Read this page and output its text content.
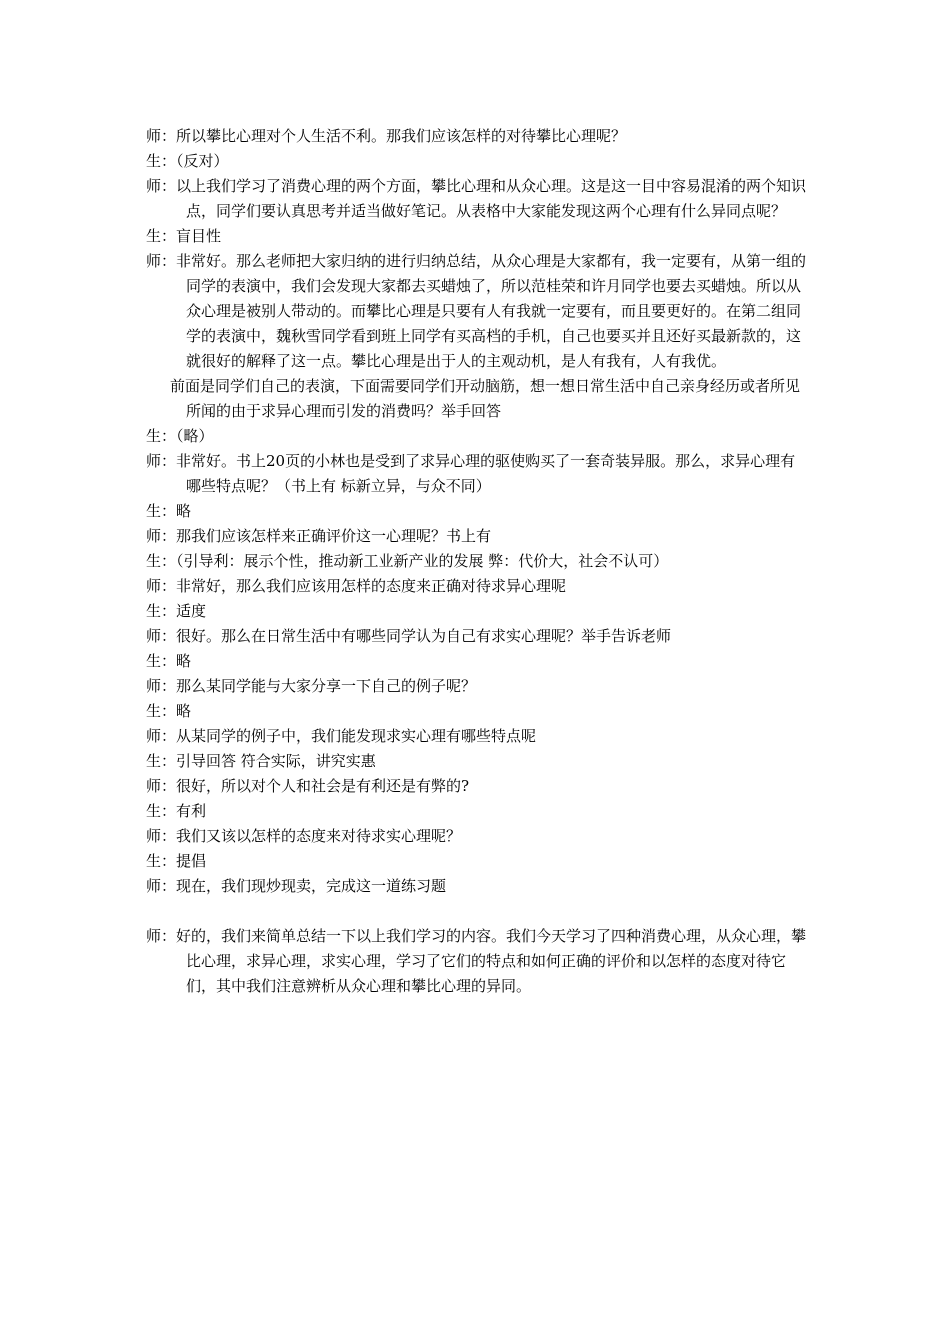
师：所以攀比心理对个人生活不利。那我们应该怎样的对待攀比心理呢？

生：（反对）

师：以上我们学习了消费心理的两个方面，攀比心理和从众心理。这是这一目中容易混淆的两个知识点，同学们要认真思考并适当做好笔记。从表格中大家能发现这两个心理有什么异同点呢？

生：盲目性

师：非常好。那么老师把大家归纳的进行归纳总结，从众心理是大家都有，我一定要有，从第一组的同学的表演中，我们会发现大家都去买蜡烛了，所以范桂荣和许月同学也要去买蜡烛。所以从众心理是被别人带动的。而攀比心理是只要有人有我就一定要有，而且要更好的。在第二组同学的表演中，魏秋雪同学看到班上同学有买高档的手机，自己也要买并且还好买最新款的，这就很好的解释了这一点。攀比心理是出于人的主观动机，是人有我有，人有我优。

前面是同学们自己的表演，下面需要同学们开动脑筋，想一想日常生活中自己亲身经历或者所见所闻的由于求异心理而引发的消费吗？举手回答

生：（略）

师：非常好。书上20页的小林也是受到了求异心理的驱使购买了一套奇装异服。那么，求异心理有哪些特点呢？（书上有 标新立异，与众不同）

生：略

师：那我们应该怎样来正确评价这一心理呢？书上有

生：（引导利：展示个性，推动新工业新产业的发展 弊：代价大，社会不认可）

师：非常好，那么我们应该用怎样的态度来正确对待求异心理呢

生：适度

师：很好。那么在日常生活中有哪些同学认为自己有求实心理呢？举手告诉老师

生：略

师：那么某同学能与大家分享一下自己的例子呢？

生：略

师：从某同学的例子中，我们能发现求实心理有哪些特点呢

生：引导回答 符合实际，讲究实惠

师：很好，所以对个人和社会是有利还是有弊的?

生：有利

师：我们又该以怎样的态度来对待求实心理呢？

生：提倡

师：现在，我们现炒现卖，完成这一道练习题

师：好的，我们来简单总结一下以上我们学习的内容。我们今天学习了四种消费心理，从众心理，攀比心理，求异心理，求实心理，学习了它们的特点和如何正确的评价和以怎样的态度对待它们，其中我们注意辨析从众心理和攀比心理的异同。
